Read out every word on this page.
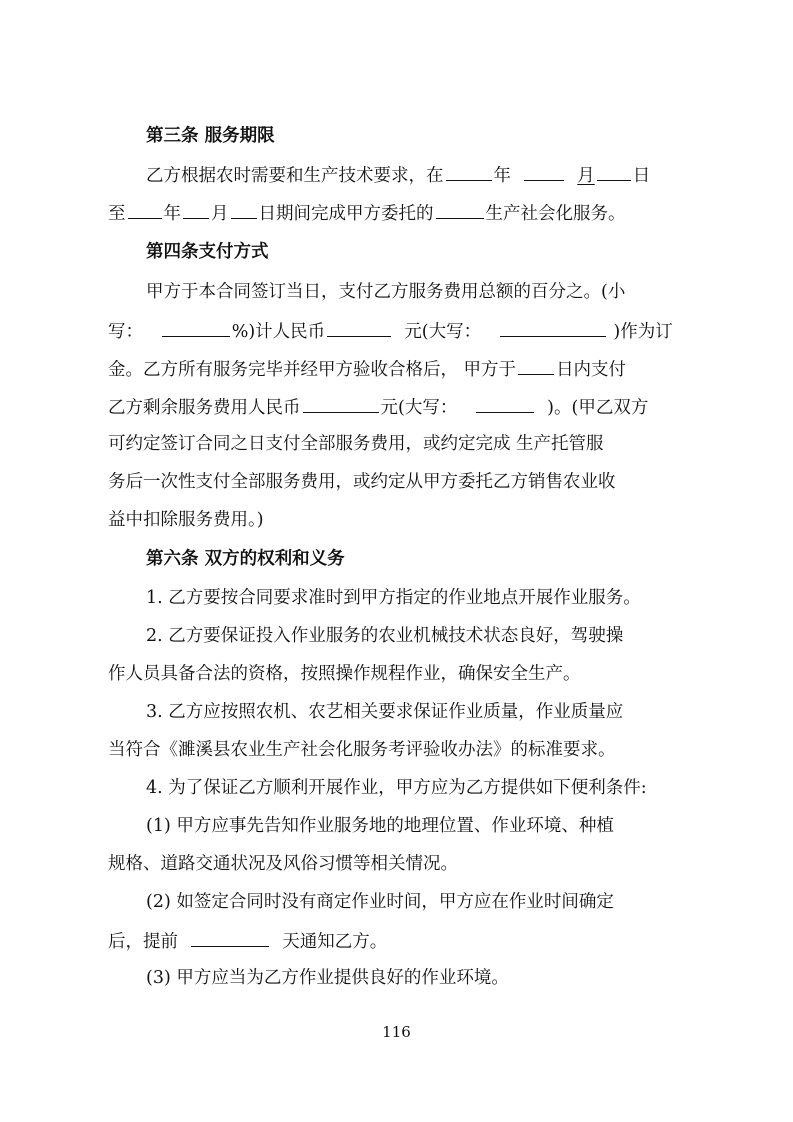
第三条 服务期限
乙方根据农时需要和生产技术要求，在	年	月 日
至 年 月 日期间完成甲方委托的	生产社会化服务。
第四条支付方式
甲方于本合同签订当日，支付乙方服务费用总额的百分之。(小
写：	%)计人民币	元(大写：	)作为订
金。乙方所有服务完毕并经甲方验收合格后， 甲方于 日内支付
乙方剩余服务费用人民币	元(大写：	)。(甲乙双方
可约定签订合同之日支付全部服务费用，或约定完成 生产托管服
务后一次性支付全部服务费用，或约定从甲方委托乙方销售农业收
益中扣除服务费用。)
第六条 双方的权利和义务
1. 乙方要按合同要求准时到甲方指定的作业地点开展作业服务。
2. 乙方要保证投入作业服务的农业机械技术状态良好，驾驶操
作人员具备合法的资格，按照操作规程作业，确保安全生产。
3. 乙方应按照农机、农艺相关要求保证作业质量，作业质量应
当符合《濉溪县农业生产社会化服务考评验收办法》的标准要求。
4. 为了保证乙方顺利开展作业，甲方应为乙方提供如下便利条件:
(1) 甲方应事先告知作业服务地的地理位置、作业环境、种植
规格、道路交通状况及风俗习惯等相关情况。
(2) 如签定合同时没有商定作业时间，甲方应在作业时间确定
后，提前	天通知乙方。
(3) 甲方应当为乙方作业提供良好的作业环境。
116
